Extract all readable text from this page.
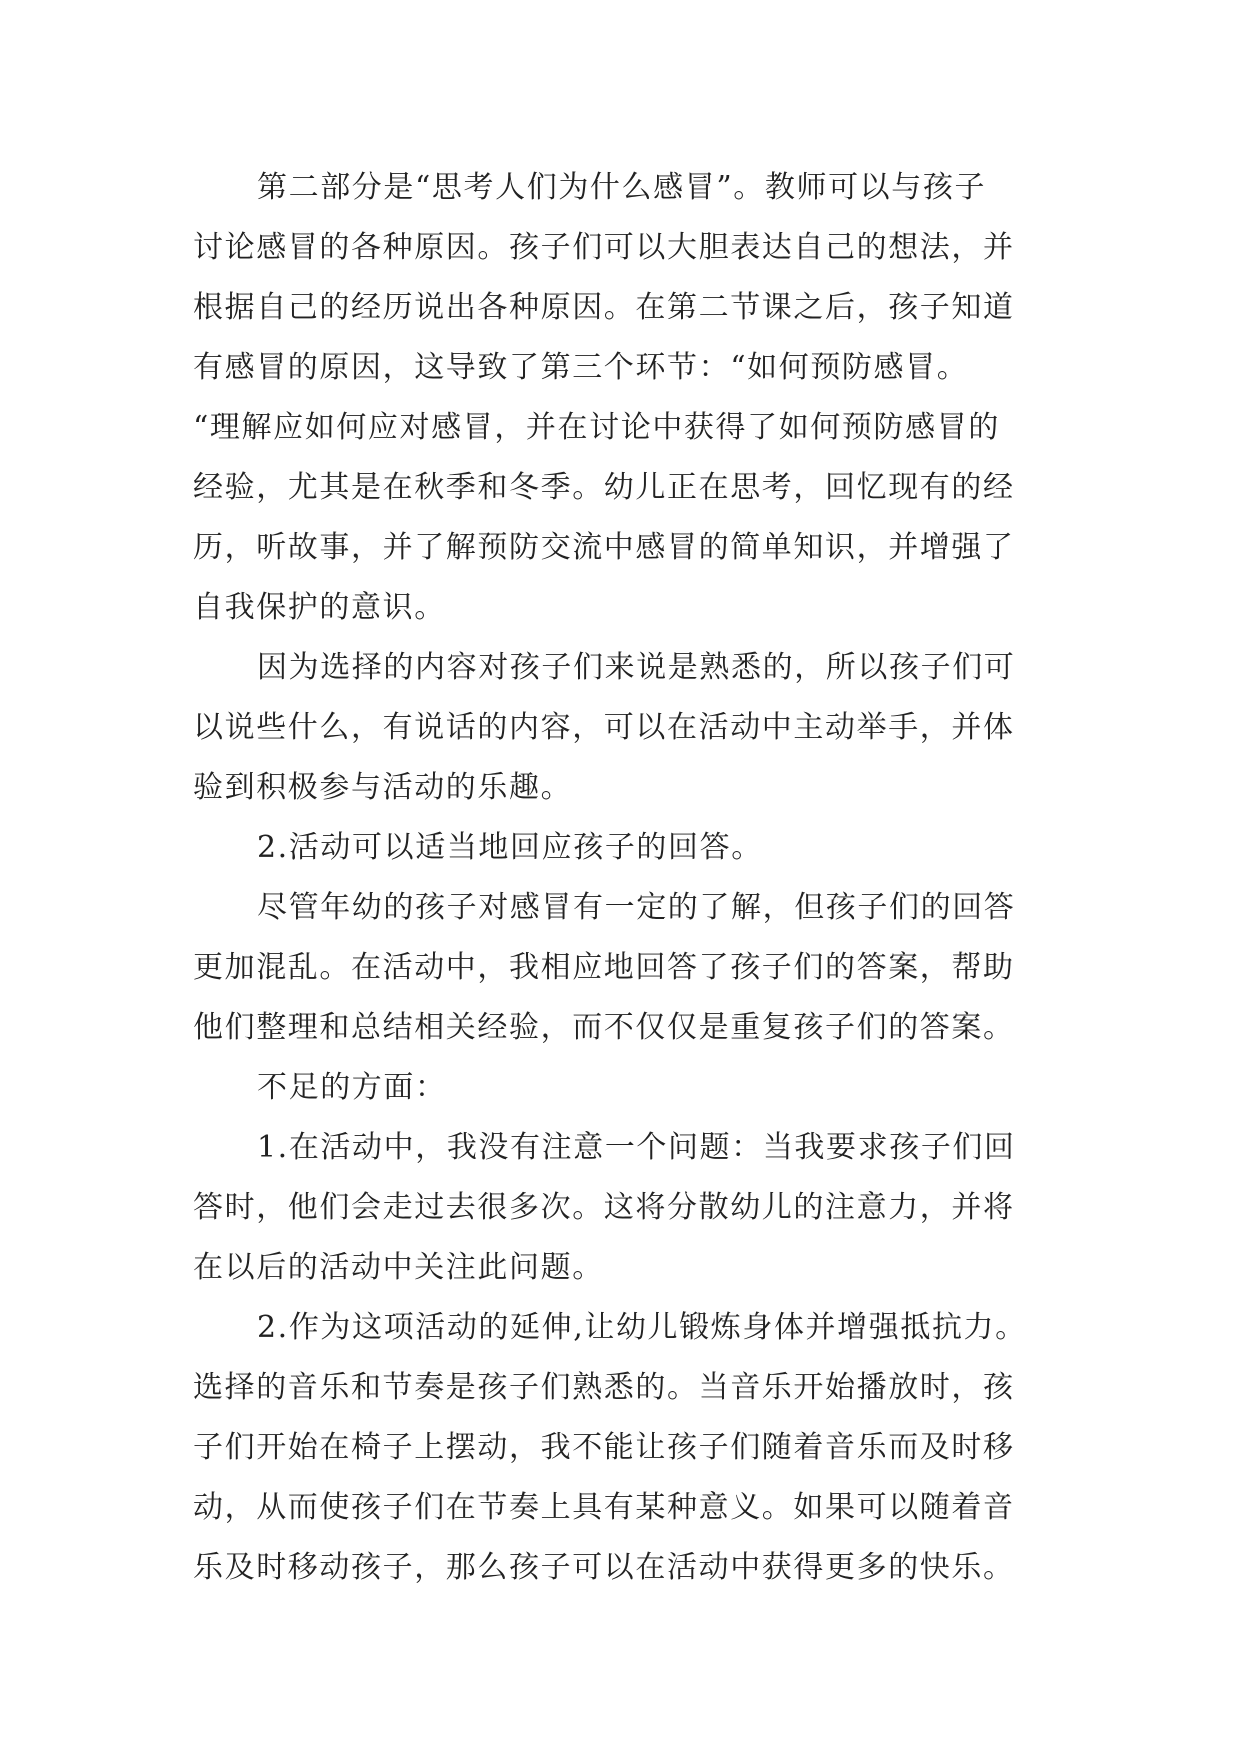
第二部分是“思考人们为什么感冒”。教师可以与孩子
讨论感冒的各种原因。孩子们可以大胆表达自己的想法，并
根据自己的经历说出各种原因。在第二节课之后，孩子知道
有感冒的原因，这导致了第三个环节：“如何预防感冒。
“理解应如何应对感冒，并在讨论中获得了如何预防感冒的
经验，尤其是在秋季和冬季。幼儿正在思考，回忆现有的经
历，听故事，并了解预防交流中感冒的简单知识，并增强了
自我保护的意识。
因为选择的内容对孩子们来说是熟悉的，所以孩子们可
以说些什么，有说话的内容，可以在活动中主动举手，并体
验到积极参与活动的乐趣。
2.活动可以适当地回应孩子的回答。
尽管年幼的孩子对感冒有一定的了解，但孩子们的回答
更加混乱。在活动中，我相应地回答了孩子们的答案，帮助
他们整理和总结相关经验，而不仅仅是重复孩子们的答案。
不足的方面：
1.在活动中，我没有注意一个问题：当我要求孩子们回
答时，他们会走过去很多次。这将分散幼儿的注意力，并将
在以后的活动中关注此问题。
2.作为这项活动的延伸,让幼儿锻炼身体并增强抵抗力。
选择的音乐和节奏是孩子们熟悉的。当音乐开始播放时，孩
子们开始在椅子上摆动，我不能让孩子们随着音乐而及时移
动，从而使孩子们在节奏上具有某种意义。如果可以随着音
乐及时移动孩子，那么孩子可以在活动中获得更多的快乐。
